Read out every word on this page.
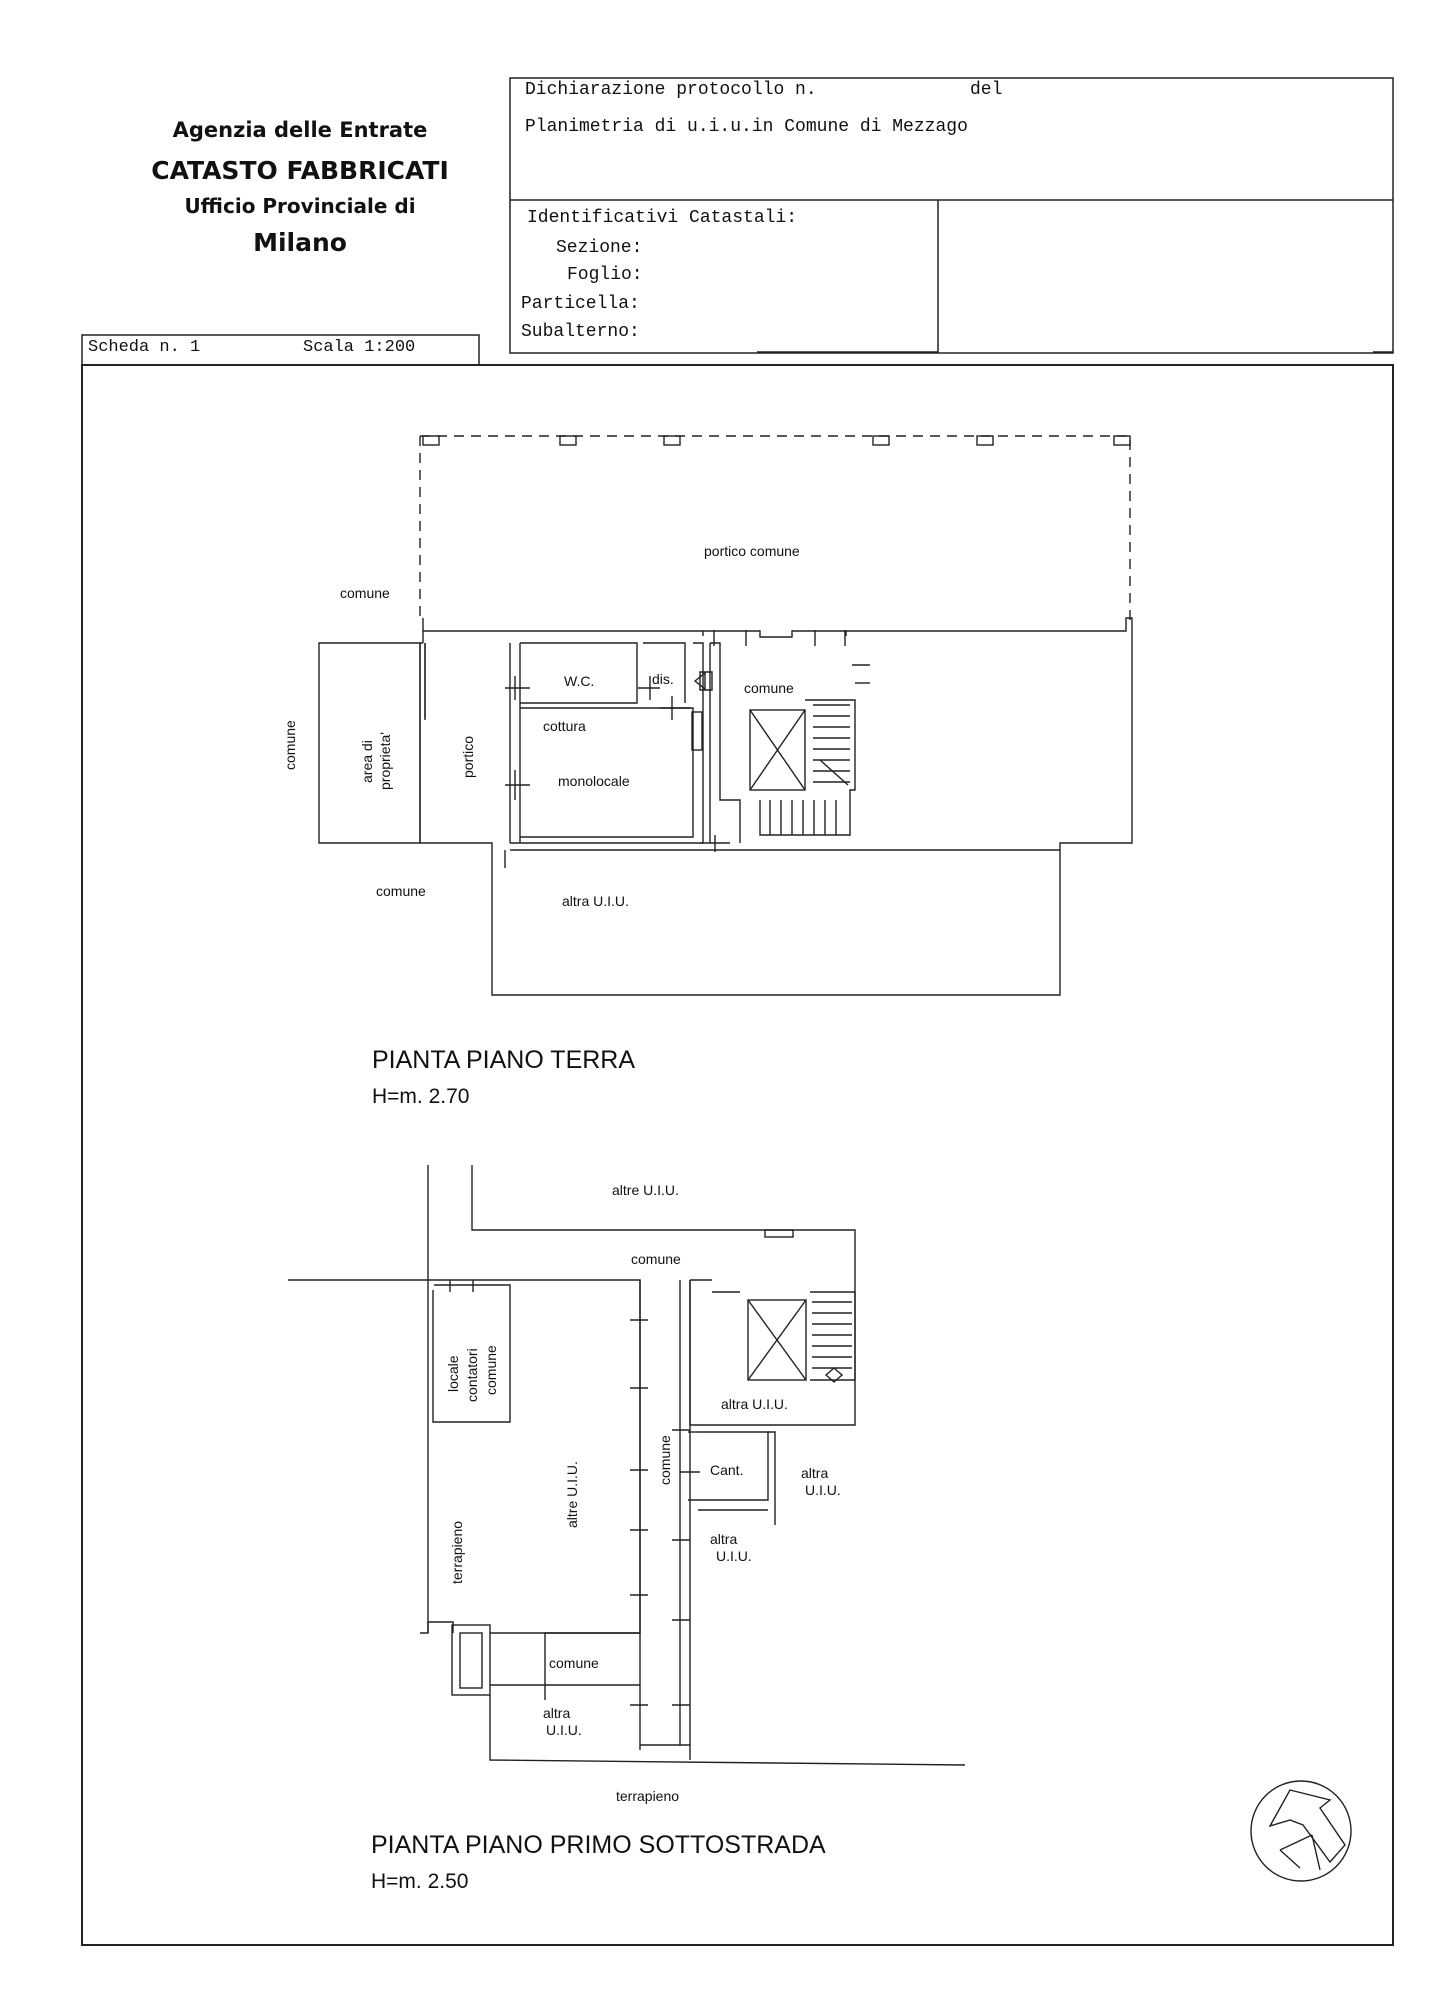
Agenzia delle Entrate
CATASTO FABBRICATI
Ufficio Provinciale di
Milano
Dichiarazione protocollo n.	del
Planimetria di u.i.u.in Comune di Mezzago
Identificativi Catastali:
Sezione:
Foglio:
Particella:
Subalterno:
Scheda n. 1	Scala 1:200
portico comune
comune
comune	area di proprieta'	portico
W.C.	dis.
comune
cottura
monolocale
comune
altra U.I.U.
PIANTA PIANO TERRA
H=m. 2.70
altre U.I.U.
comune
locale contatori comune
altra U.I.U.
altre U.I.U.
comune	Cant.	altra
U.I.U.
altra
U.I.U.
terrapieno
comune
altra
U.I.U.
terrapieno
PIANTA PIANO PRIMO SOTTOSTRADA
H=m. 2.50	N
